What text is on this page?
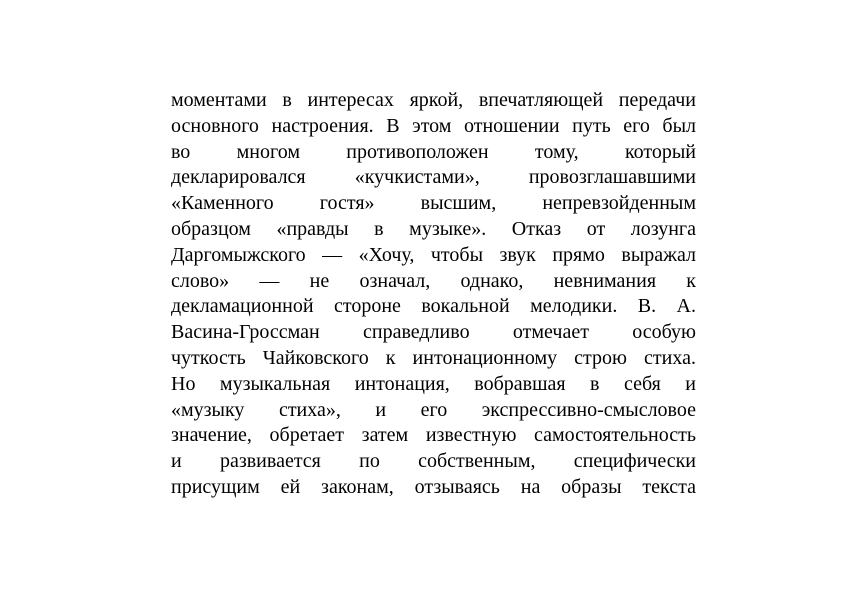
моментами в интересах яркой, впечатляющей передачи
основного настроения. В этом отношении путь его был
во многом противоположен тому, который
декларировался «кучкистами», провозглашавшими
«Каменного гостя» высшим, непревзойденным
образцом «правды в музыке». Отказ от лозунга
Даргомыжского — «Хочу, чтобы звук прямо выражал
слово» — не означал, однако, невнимания к
декламационной стороне вокальной мелодики. В. А.
Васина-Гроссман справедливо отмечает особую
чуткость Чайковского к интонационному строю стиха.
Но музыкальная интонация, вобравшая в себя и
«музыку стиха», и его экспрессивно-смысловое
значение, обретает затем известную самостоятельность
и развивается по собственным, специфически
присущим ей законам, отзываясь на образы текста
